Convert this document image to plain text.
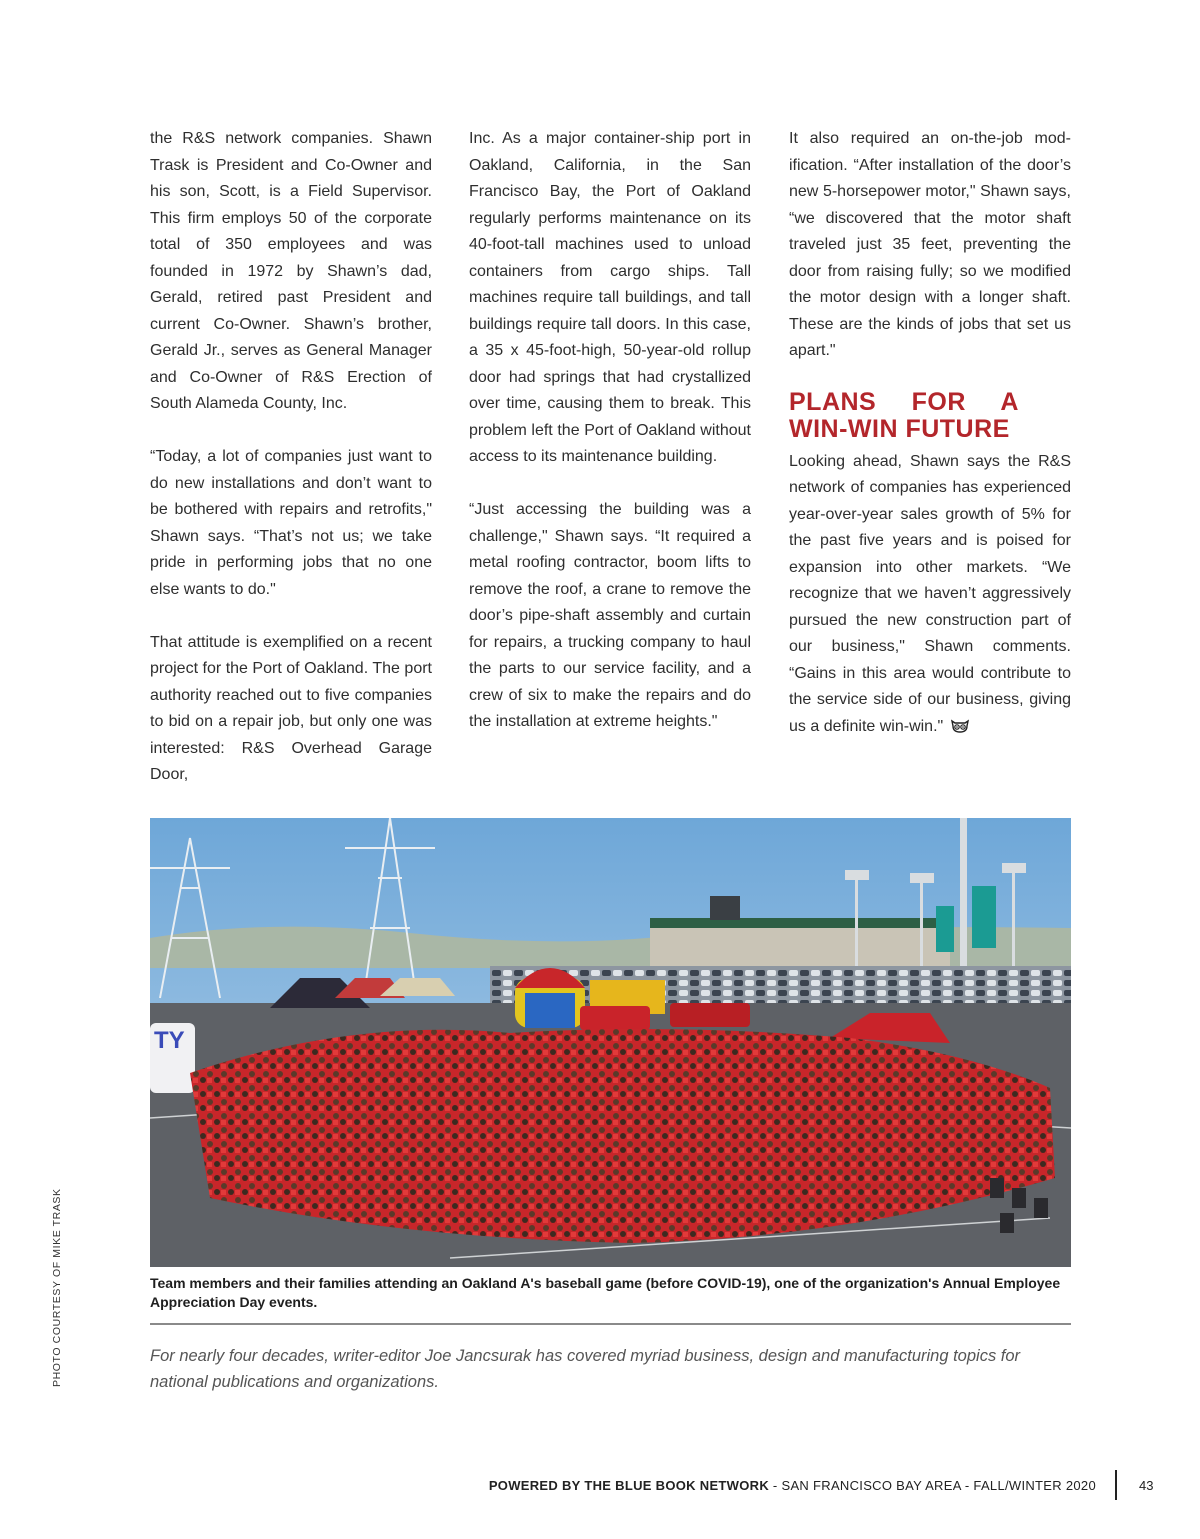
the R&S network companies. Shawn Trask is President and Co-Owner and his son, Scott, is a Field Supervisor. This firm employs 50 of the corporate total of 350 employees and was founded in 1972 by Shawn’s dad, Gerald, retired past President and current Co-Owner. Shawn’s brother, Gerald Jr., serves as General Manager and Co-Owner of R&S Erection of South Alameda County, Inc.

“Today, a lot of companies just want to do new installations and don’t want to be bothered with repairs and retrofits," Shawn says. “That’s not us; we take pride in performing jobs that no one else wants to do."

That attitude is exemplified on a recent project for the Port of Oakland. The port authority reached out to five companies to bid on a repair job, but only one was interested: R&S Overhead Garage Door,

Inc. As a major container-ship port in Oakland, California, in the San Francisco Bay, the Port of Oakland regularly performs maintenance on its 40-foot-tall machines used to unload containers from cargo ships. Tall machines require tall buildings, and tall buildings require tall doors. In this case, a 35 x 45-foot-high, 50-year-old rollup door had springs that had crystallized over time, causing them to break. This problem left the Port of Oakland without access to its maintenance building.

“Just accessing the building was a challenge," Shawn says. “It required a metal roofing contractor, boom lifts to remove the roof, a crane to remove the door’s pipe-shaft assembly and curtain for repairs, a trucking company to haul the parts to our service facility, and a crew of six to make the repairs and do the installation at extreme heights."

It also required an on-the-job modification. “After installation of the door’s new 5-horsepower motor," Shawn says, “we discovered that the motor shaft traveled just 35 feet, preventing the door from raising fully; so we modified the motor design with a longer shaft. These are the kinds of jobs that set us apart."

PLANS FOR A WIN-WIN FUTURE

Looking ahead, Shawn says the R&S network of companies has experienced year-over-year sales growth of 5% for the past five years and is poised for expansion into other markets. “We recognize that we haven’t aggressively pursued the new construction part of our business," Shawn comments. “Gains in this area would contribute to the service side of our business, giving us a definite win-win."

TY
Team members and their families attending an Oakland A's baseball game (before COVID-19), one of the organization's Annual Employee Appreciation Day events.
PHOTO COURTESY OF MIKE TRASK	For nearly four decades, writer-editor Joe Jancsurak has covered myriad business, design and manufacturing topics for national publications and organizations.
POWERED BY THE BLUE BOOK NETWORK - SAN FRANCISCO BAY AREA - FALL/WINTER 2020	43
